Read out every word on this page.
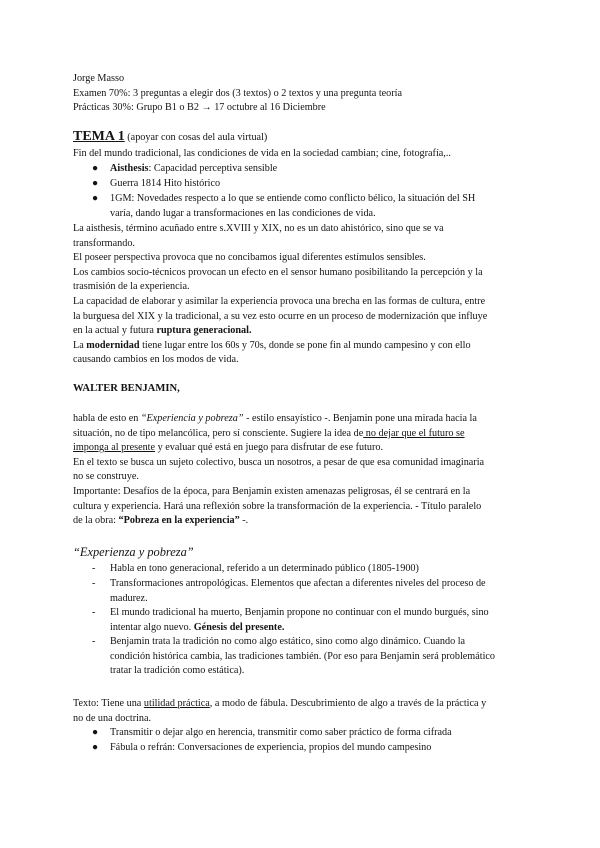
Jorge Masso
Examen 70%: 3 preguntas a elegir dos (3 textos) o 2 textos y una pregunta teoría
Prácticas 30%: Grupo B1 o B2 → 17 octubre al 16 Diciembre
TEMA 1 (apoyar con cosas del aula virtual)
Fin del mundo tradicional, las condiciones de vida en la sociedad cambian; cine, fotografía,..
● Aisthesis: Capacidad perceptiva sensible
● Guerra 1814 Hito histórico
● 1GM: Novedades respecto a lo que se entiende como conflicto bélico, la situación del SH
varía, dando lugar a transformaciones en las condiciones de vida.
La aisthesis, término acuñado entre s.XVIII y XIX, no es un dato ahistórico, sino que se va
transformando.
El poseer perspectiva provoca que no concibamos igual diferentes estímulos sensibles.
Los cambios socio-técnicos provocan un efecto en el sensor humano posibilitando la percepción y la
trasmisión de la experiencia.
La capacidad de elaborar y asimilar la experiencia provoca una brecha en las formas de cultura, entre
la burguesa del XIX y la tradicional, a su vez esto ocurre en un proceso de modernización que influye
en la actual y futura ruptura generacional.
La modernidad tiene lugar entre los 60s y 70s, donde se pone fin al mundo campesino y con ello
causando cambios en los modos de vida.
WALTER BENJAMIN,
habla de esto en “Experiencia y pobreza” - estilo ensayístico -. Benjamin pone una mirada hacia la
situación, no de tipo melancólica, pero sí consciente. Sugiere la idea de no dejar que el futuro se
imponga al presente y evaluar qué está en juego para disfrutar de ese futuro.
En el texto se busca un sujeto colectivo, busca un nosotros, a pesar de que esa comunidad imaginaria
no se construye.
Importante: Desafíos de la época, para Benjamin existen amenazas peligrosas, él se centrará en la
cultura y experiencia. Hará una reflexión sobre la transformación de la experiencia. - Título paralelo
de la obra: “Pobreza en la experiencia” -.
“Experienza y pobreza”
- Habla en tono generacional, referido a un determinado público (1805-1900)
- Transformaciones antropológicas. Elementos que afectan a diferentes niveles del proceso de
madurez.
- El mundo tradicional ha muerto, Benjamin propone no continuar con el mundo burgués, sino
intentar algo nuevo. Génesis del presente.
- Benjamin trata la tradición no como algo estático, sino como algo dinámico. Cuando la
condición histórica cambia, las tradiciones también. (Por eso para Benjamin será problemático
tratar la tradición como estática).
Texto: Tiene una utilidad práctica, a modo de fábula. Descubrimiento de algo a través de la práctica y
no de una doctrina.
● Transmitir o dejar algo en herencia, transmitir como saber práctico de forma cifrada
● Fábula o refrán: Conversaciones de experiencia, propios del mundo campesino
